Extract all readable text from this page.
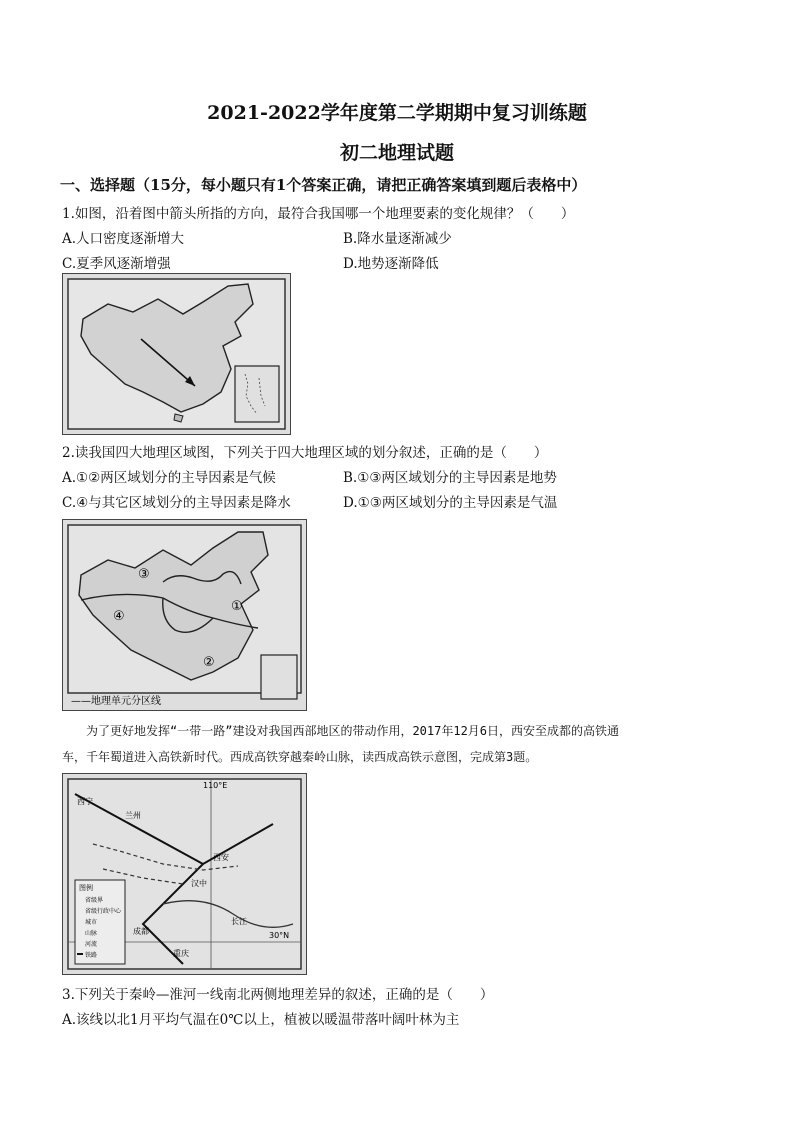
2021-2022学年度第二学期期中复习训练题
初二地理试题
一、选择题（15分，每小题只有1个答案正确，请把正确答案填到题后表格中）
1.如图，沿着图中箭头所指的方向，最符合我国哪一个地理要素的变化规律？（　　）
A.人口密度逐渐增大	B.降水量逐渐减少
C.夏季风逐渐增强	D.地势逐渐降低
2.读我国四大地理区域图，下列关于四大地理区域的划分叙述，正确的是（　　）
A.①②两区域划分的主导因素是气候	B.①③两区域划分的主导因素是地势
C.④与其它区域划分的主导因素是降水	D.①③两区域划分的主导因素是气温
③
④
②
①
——地理单元分区线
为了更好地发挥“一带一路”建设对我国西部地区的带动作用，2017年12月6日，西安至成都的高铁通
车，千年蜀道进入高铁新时代。西成高铁穿越秦岭山脉，读西成高铁示意图，完成第3题。
110°E
30°N
西宁
兰州
西安
汉中
成都
重庆
长江
图例
省级界
省级行政中心
城市
山脉
河流
铁路
3.下列关于秦岭—淮河一线南北两侧地理差异的叙述，正确的是（　　）
A.该线以北1月平均气温在0℃以上，植被以暖温带落叶阔叶林为主
